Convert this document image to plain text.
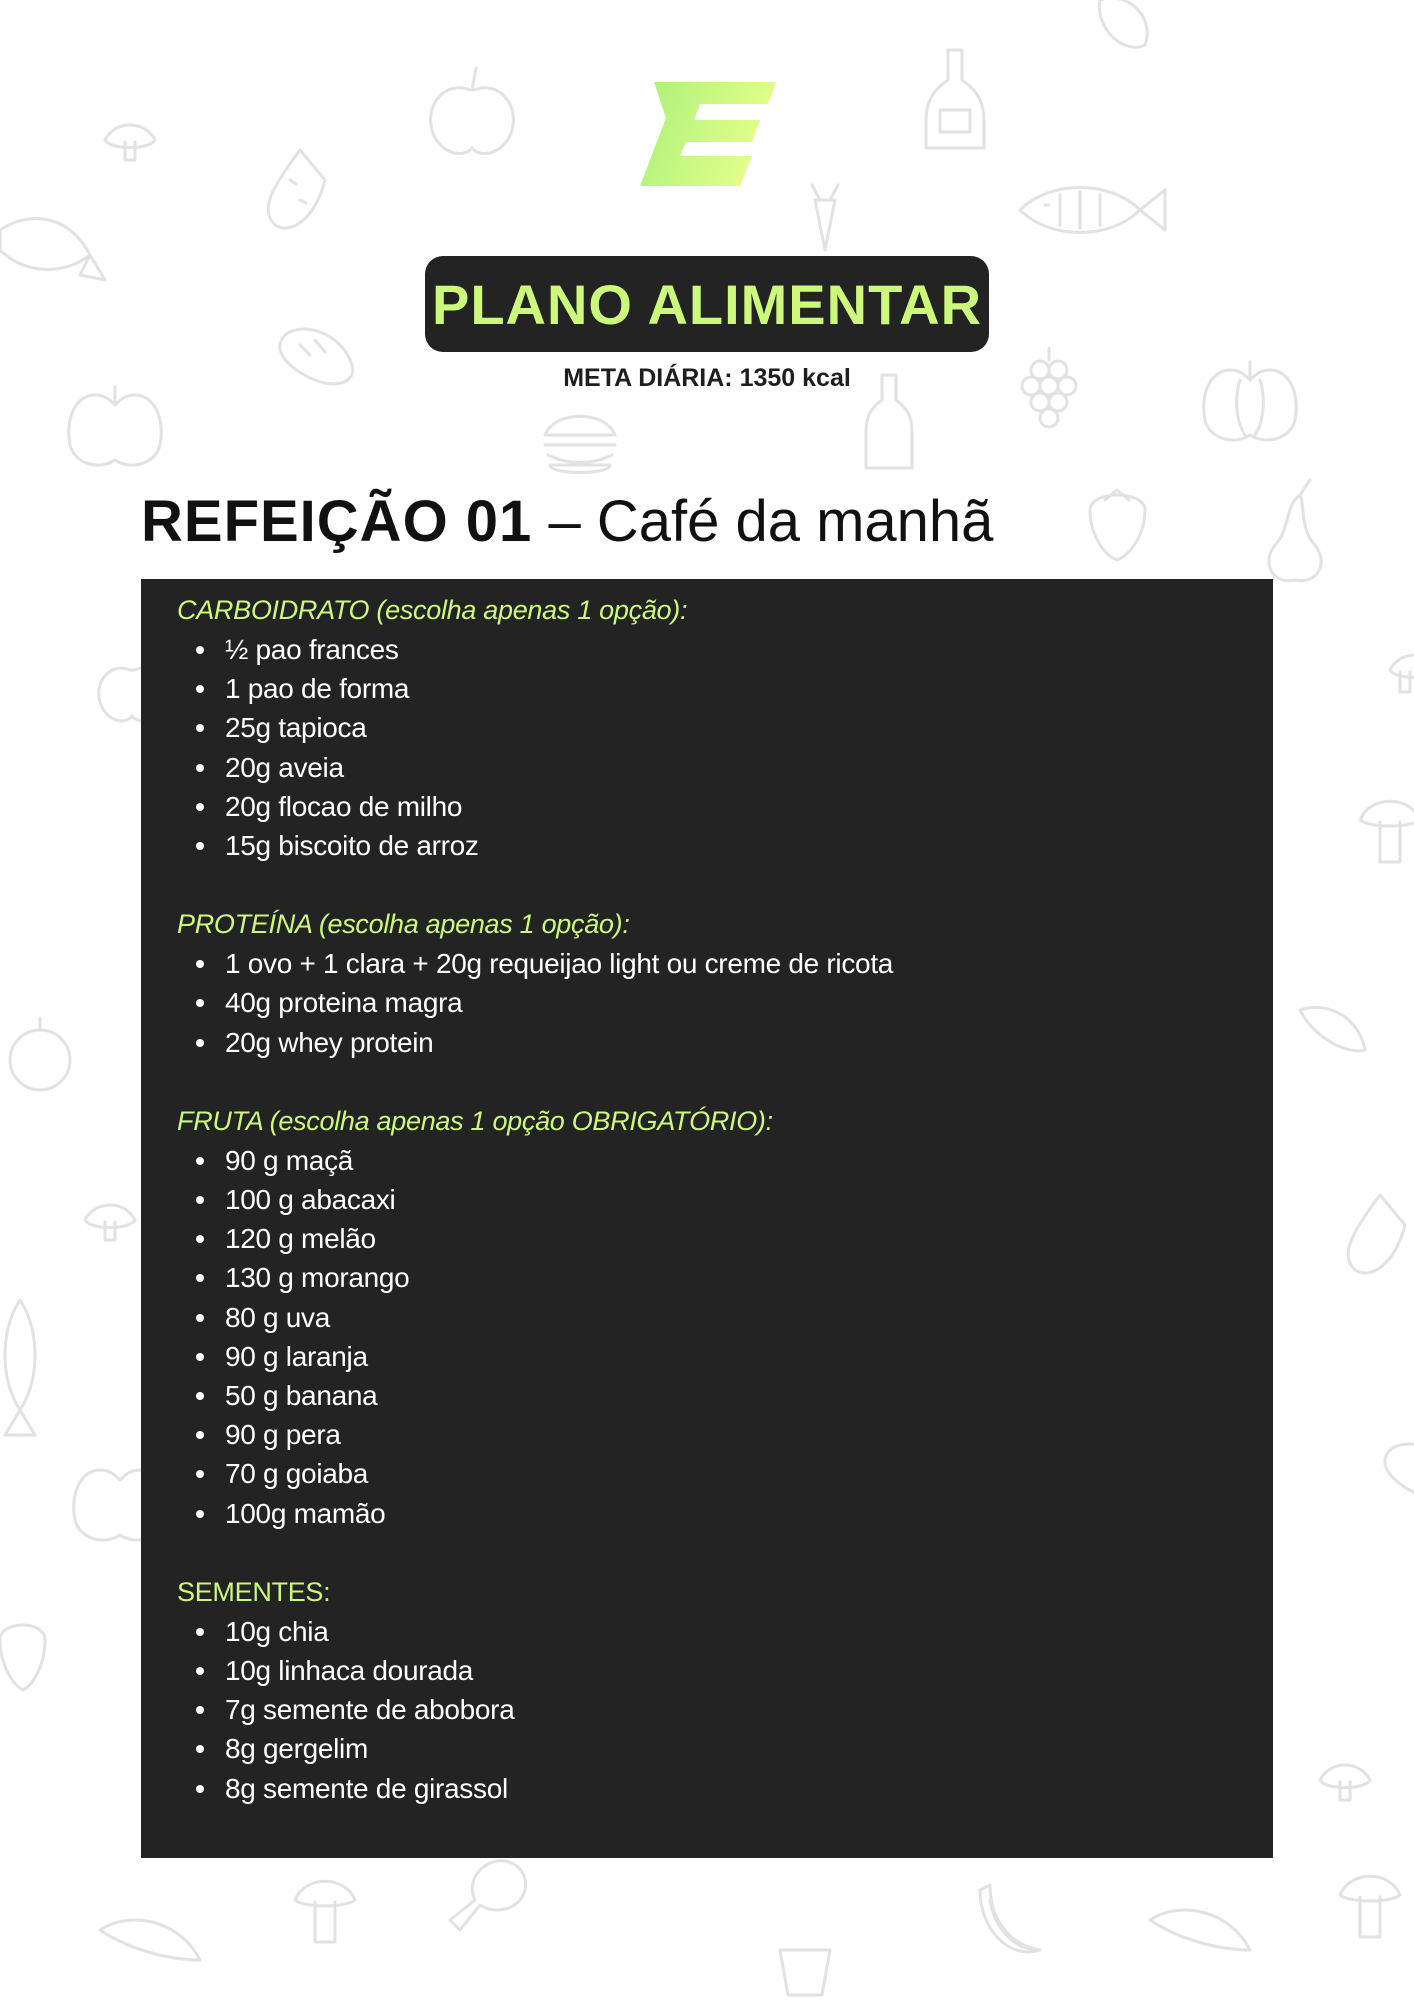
PLANO ALIMENTAR
META DIÁRIA: 1350 kcal
REFEIÇÃO 01 – Café da manhã
CARBOIDRATO (escolha apenas 1 opção):
½ pao frances
1 pao de forma
25g tapioca
20g aveia
20g flocao de milho
15g biscoito de arroz
PROTEÍNA (escolha apenas 1 opção):
1 ovo + 1 clara + 20g requeijao light ou creme de ricota
40g proteina magra
20g whey protein
FRUTA (escolha apenas 1 opção OBRIGATÓRIO):
90 g maçã
100 g abacaxi
120 g melão
130 g morango
80 g uva
90 g laranja
50 g banana
90 g pera
70 g goiaba
100g mamão
SEMENTES:
10g chia
10g linhaca dourada
7g semente de abobora
8g gergelim
8g semente de girassol
